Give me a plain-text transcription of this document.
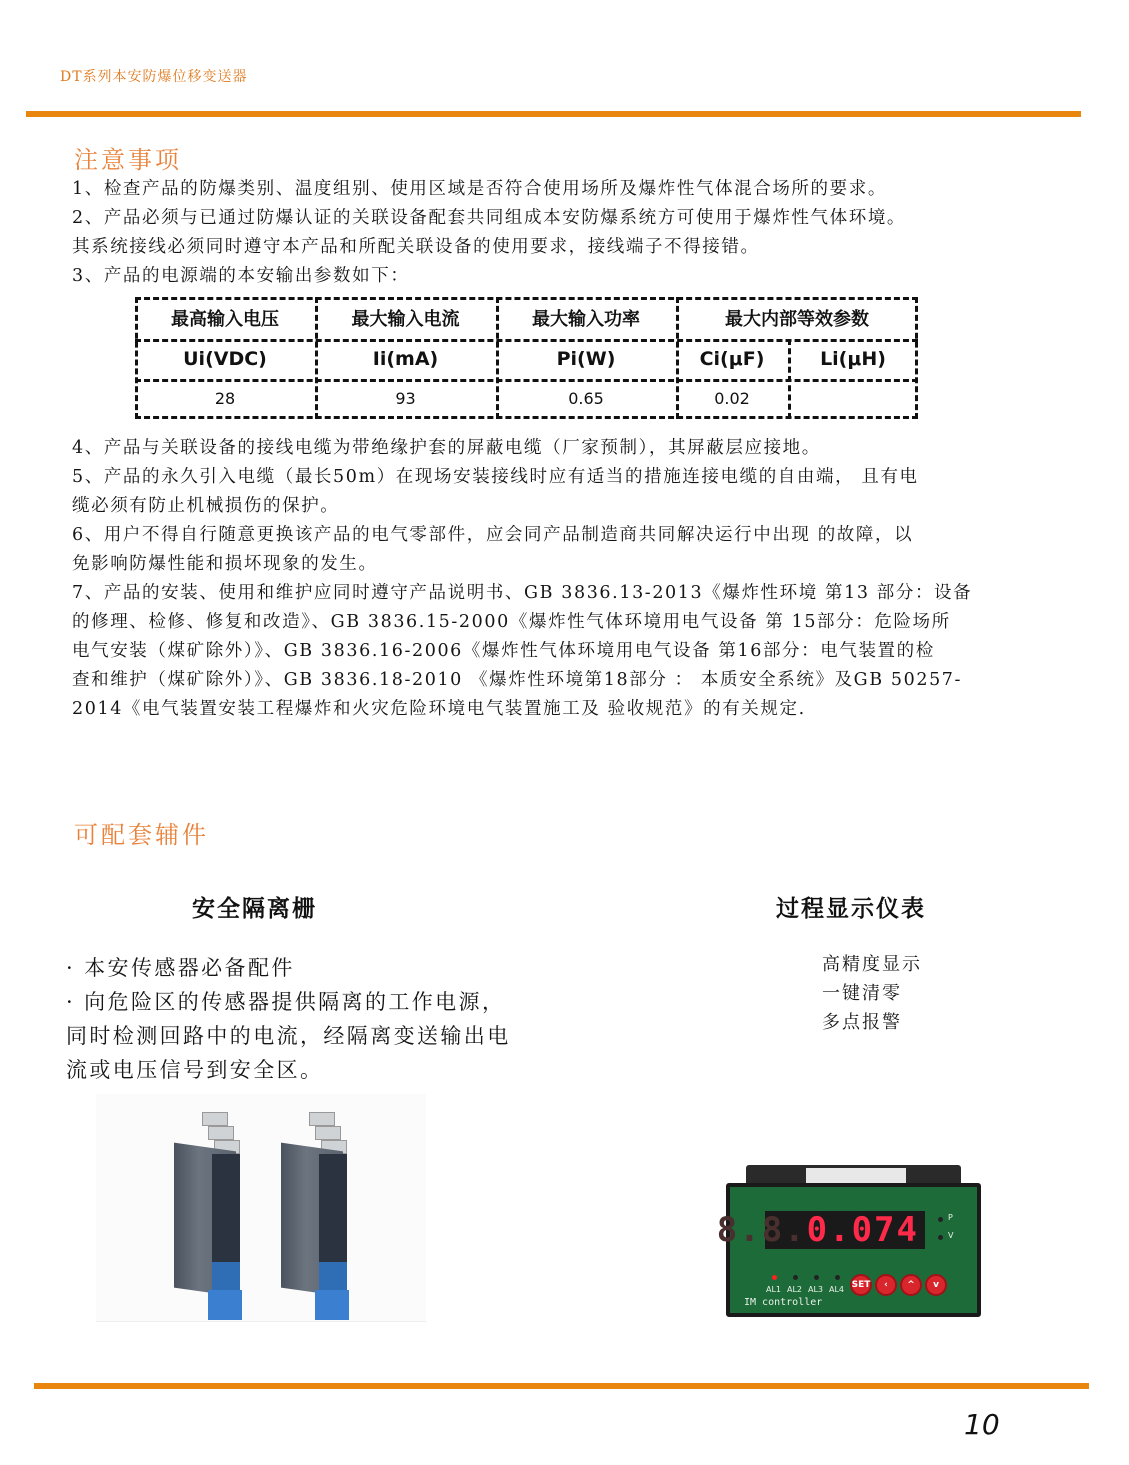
DT系列本安防爆位移变送器
注意事项
1、检查产品的防爆类别、温度组别、使用区域是否符合使用场所及爆炸性气体混合场所的要求。
2、产品必须与已通过防爆认证的关联设备配套共同组成本安防爆系统方可使用于爆炸性气体环境。
其系统接线必须同时遵守本产品和所配关联设备的使用要求，接线端子不得接错。
3、产品的电源端的本安输出参数如下：
最高输入电压	最大输入电流	最大输入功率	最大内部等效参数
Ui(VDC)	Ii(mA)	Pi(W)	Ci(μF)	Li(μH)
28	93	0.65	0.02
4、产品与关联设备的接线电缆为带绝缘护套的屏蔽电缆（厂家预制），其屏蔽层应接地。
5、产品的永久引入电缆（最长50m）在现场安装接线时应有适当的措施连接电缆的自由端， 且有电
缆必须有防止机械损伤的保护。
6、用户不得自行随意更换该产品的电气零部件，应会同产品制造商共同解决运行中出现 的故障，以
免影响防爆性能和损坏现象的发生。
7、产品的安装、使用和维护应同时遵守产品说明书、GB 3836.13-2013《爆炸性环境 第13 部分：设备
的修理、检修、修复和改造》、GB 3836.15-2000《爆炸性气体环境用电气设备 第 15部分：危险场所
电气安装（煤矿除外）》、GB 3836.16-2006《爆炸性气体环境用电气设备 第16部分：电气装置的检
查和维护（煤矿除外）》、GB 3836.18-2010 《爆炸性环境第18部分 ： 本质安全系统》及GB 50257-
2014《电气装置安装工程爆炸和火灾危险环境电气装置施工及 验收规范》的有关规定.
可配套辅件
安全隔离栅
· 本安传感器必备配件
· 向危险区的传感器提供隔离的工作电源，
同时检测回路中的电流，经隔离变送输出电
流或电压信号到安全区。
过程显示仪表
高精度显示
一键清零
多点报警
8.8. 0.074	P
V
AL1 AL2 AL3 AL4 SET	‹	^	v
IM controller
10
